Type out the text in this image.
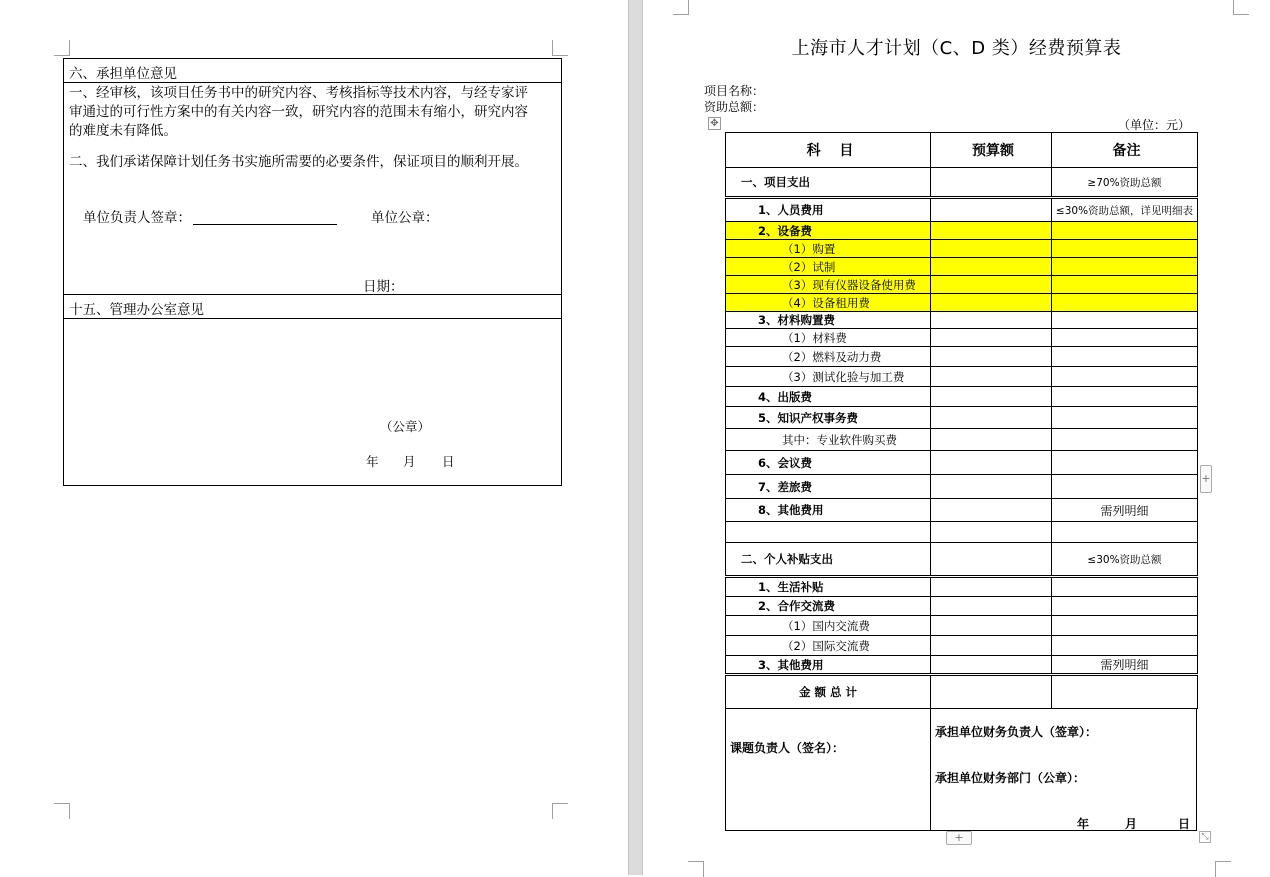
六、承担单位意见
一、经审核，该项目任务书中的研究内容、考核指标等技术内容，与经专家评
审通过的可行性方案中的有关内容一致，研究内容的范围未有缩小，研究内容
的难度未有降低。
二、我们承诺保障计划任务书实施所需要的必要条件，保证项目的顺利开展。
单位负责人签章：	单位公章：
日期：
十五、管理办公室意见
（公章）
年 月 日
上海市人才计划（C、D 类）经费预算表
项目名称：
资助总额：
（单位：元）
✥
科　 目	预算额	备注
一、项目支出		≥70%资助总额
1、人员费用		≤30%资助总额，详见明细表
2、设备费		
（1）购置		
（2）试制		
（3）现有仪器设备使用费		
（4）设备租用费		
3、材料购置费		
（1）材料费		
（2）燃料及动力费		
（3）测试化验与加工费		
4、出版费		
5、知识产权事务费		
其中：专业软件购买费		
6、会议费		
7、差旅费		
8、其他费用		需列明细

二、个人补贴支出		≤30%资助总额
1、生活补贴		
2、合作交流费		
（1）国内交流费		
（2）国际交流费		
3、其他费用		需列明细
金 额 总 计		
课题负责人（签名）：
承担单位财务负责人（签章）：
承担单位财务部门（公章）：
年	月	日
+
+	⤡
